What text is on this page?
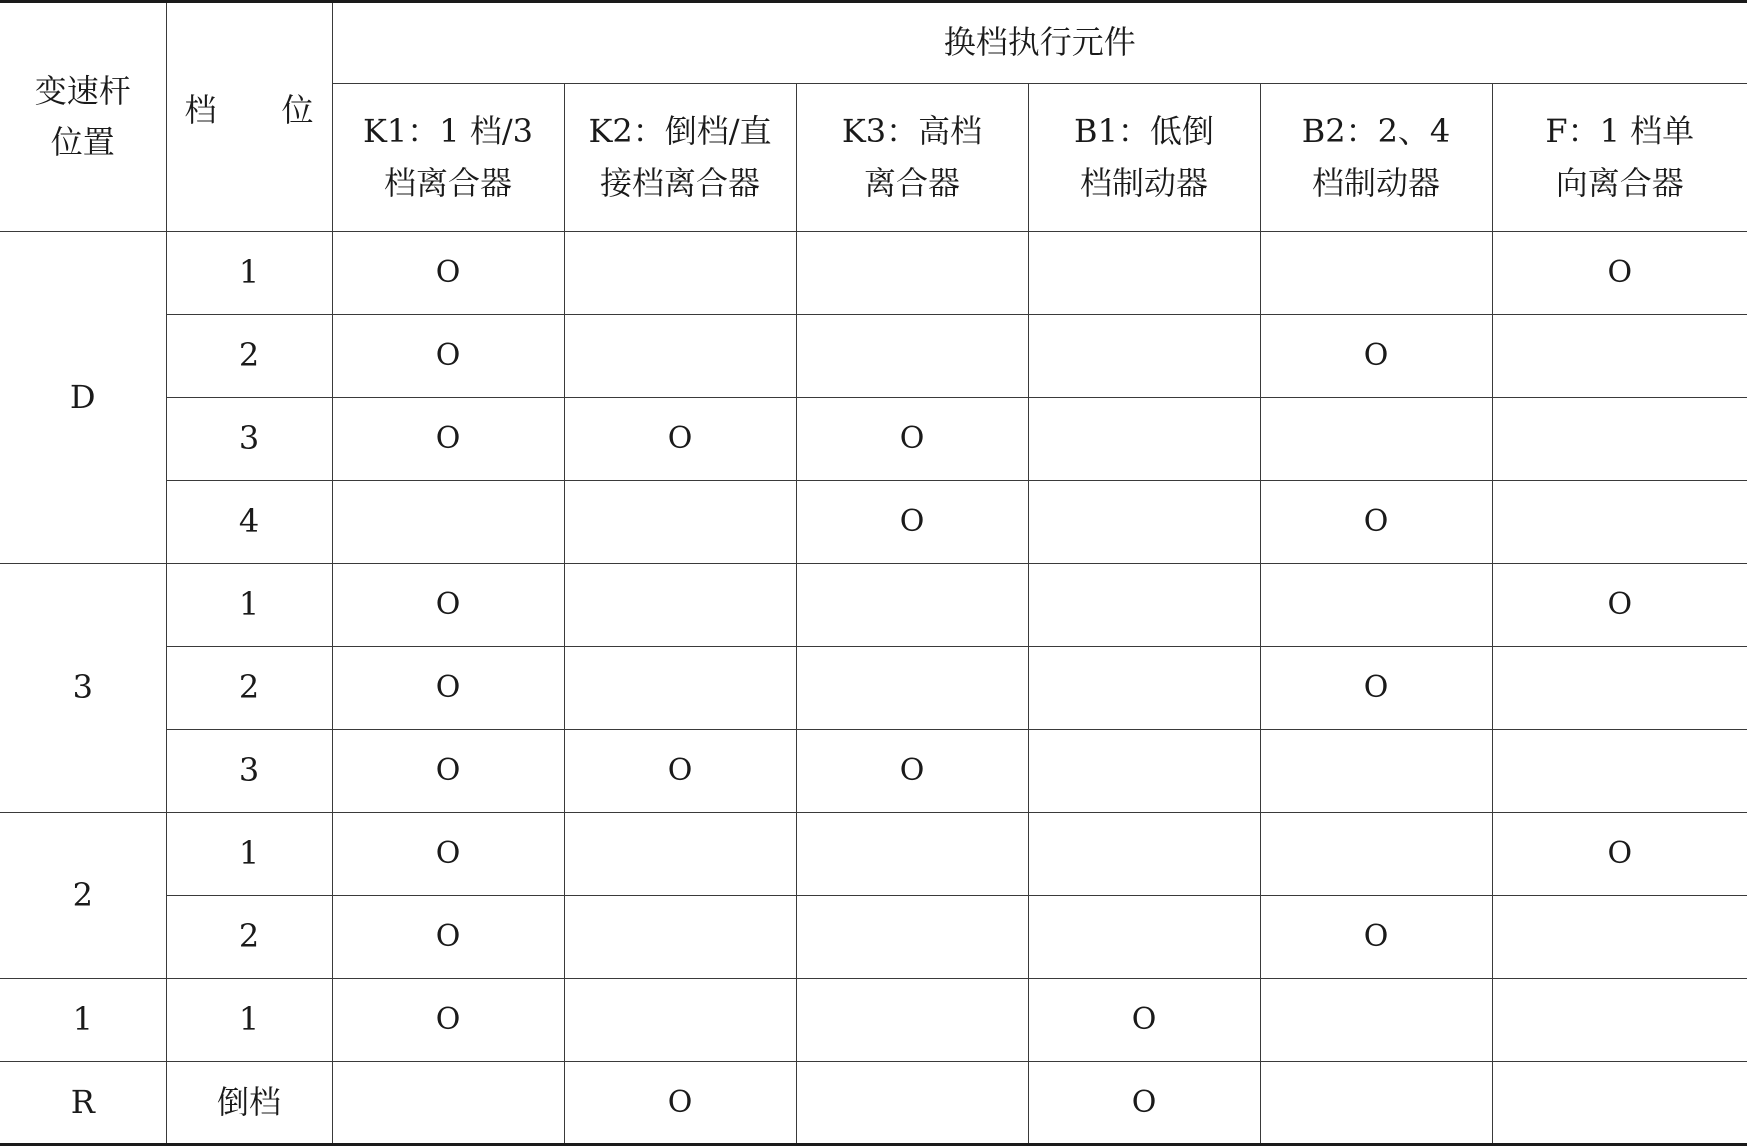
变速杆位置	档 位	换档执行元件					
		K1：1 档/3 档离合器	K2：倒档/直接档离合器	K3：高档离合器	B1：低倒档制动器	B2：2、4 档制动器	F：1 档单向离合器
D	1	O					O
	2	O				O	
	3	O	O	O			
	4			O		O	
3	1	O					O
	2	O				O	
	3	O	O	O			
2	1	O					O
	2	O				O	
1	1	O			O		
R	倒档		O		O		
